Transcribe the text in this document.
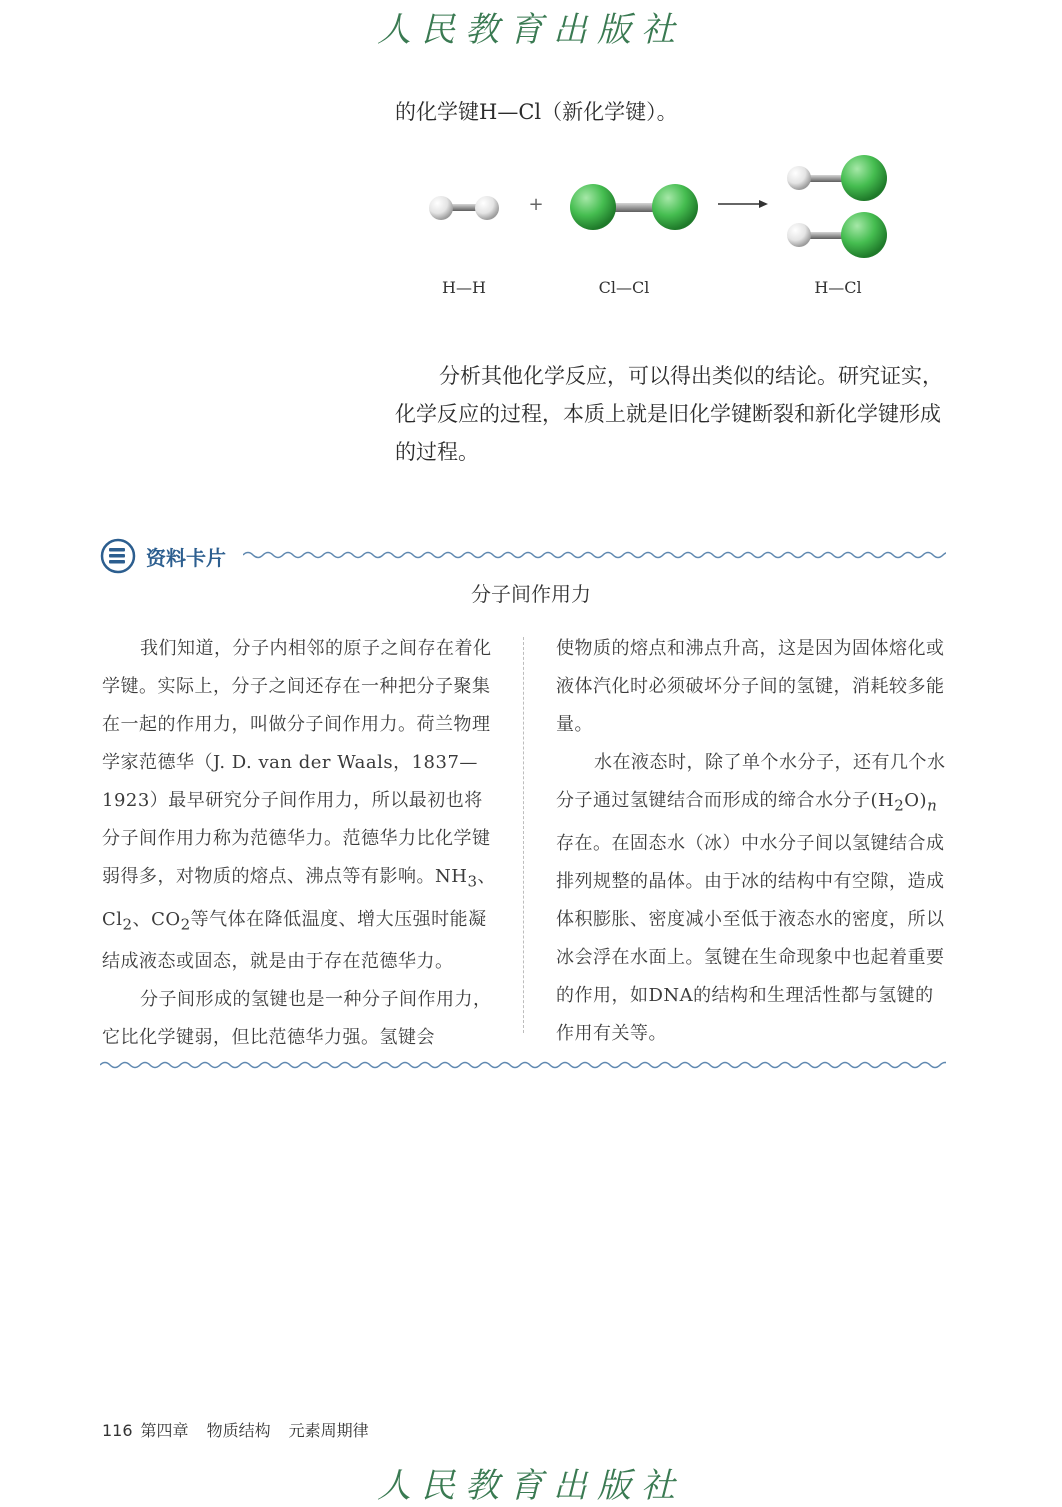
人民教育出版社
的化学键H—Cl（新化学键）。
+
H—H	Cl—Cl	H—Cl

分析其他化学反应，可以得出类似的结论。研究证实，化学反应的过程，本质上就是旧化学键断裂和新化学键形成的过程。

资料卡片
分子间作用力

我们知道，分子内相邻的原子之间存在着化学键。实际上，分子之间还存在一种把分子聚集在一起的作用力，叫做分子间作用力。荷兰物理学家范德华（J. D. van der Waals，1837—1923）最早研究分子间作用力，所以最初也将分子间作用力称为范德华力。范德华力比化学键弱得多，对物质的熔点、沸点等有影响。$NH_3$、$Cl_2$、$CO_2$等气体在降低温度、增大压强时能凝结成液态或固态，就是由于存在范德华力。

分子间形成的氢键也是一种分子间作用力，它比化学键弱，但比范德华力强。氢键会

使物质的熔点和沸点升高，这是因为固体熔化或液体汽化时必须破坏分子间的氢键，消耗较多能量。

水在液态时，除了单个水分子，还有几个水分子通过氢键结合而形成的缔合水分子$(H_2O)_n$存在。在固态水（冰）中水分子间以氢键结合成排列规整的晶体。由于冰的结构中有空隙，造成体积膨胀、密度减小至低于液态水的密度，所以冰会浮在水面上。氢键在生命现象中也起着重要的作用，如DNA的结构和生理活性都与氢键的作用有关等。

116 第四章 物质结构 元素周期律
人民教育出版社
